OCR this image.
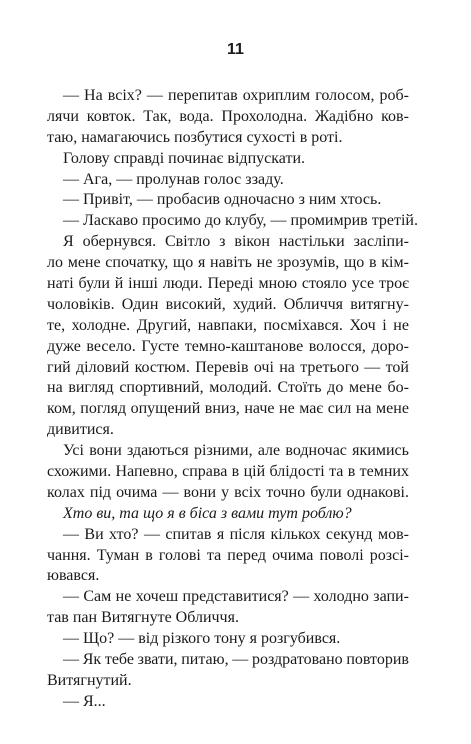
11
— На всіх? — перепитав охриплим голосом, роб-
лячи ковток. Так, вода. Прохолодна. Жадібно ков-
таю, намагаючись позбутися сухості в роті.
Голову справді починає відпускати.
— Ага, — пролунав голос ззаду.
— Привіт, — пробасив одночасно з ним хтось.
— Ласкаво просимо до клубу, — промимрив третій.
Я обернувся. Світло з вікон настільки засліпи-
ло мене спочатку, що я навіть не зрозумів, що в кім-
наті були й інші люди. Переді мною стояло усе троє
чоловіків. Один високий, худий. Обличчя витягну-
те, холодне. Другий, навпаки, посміхався. Хоч і не
дуже весело. Густе темно-каштанове волосся, доро-
гий діловий костюм. Перевів очі на третього — той
на вигляд спортивний, молодий. Стоїть до мене бо-
ком, погляд опущений вниз, наче не має сил на мене
дивитися.
Усі вони здаються різними, але водночас якимись
схожими. Напевно, справа в цій блідості та в темних
колах під очима — вони у всіх точно були однакові.
Хто ви, та що я в біса з вами тут роблю?
— Ви хто? — спитав я після кількох секунд мов-
чання. Туман в голові та перед очима поволі розсі-
ювався.
— Сам не хочеш представитися? — холодно запи-
тав пан Витягнуте Обличчя.
— Що? — від різкого тону я розгубився.
— Як тебе звати, питаю, — роздратовано повторив
Витягнутий.
— Я...
